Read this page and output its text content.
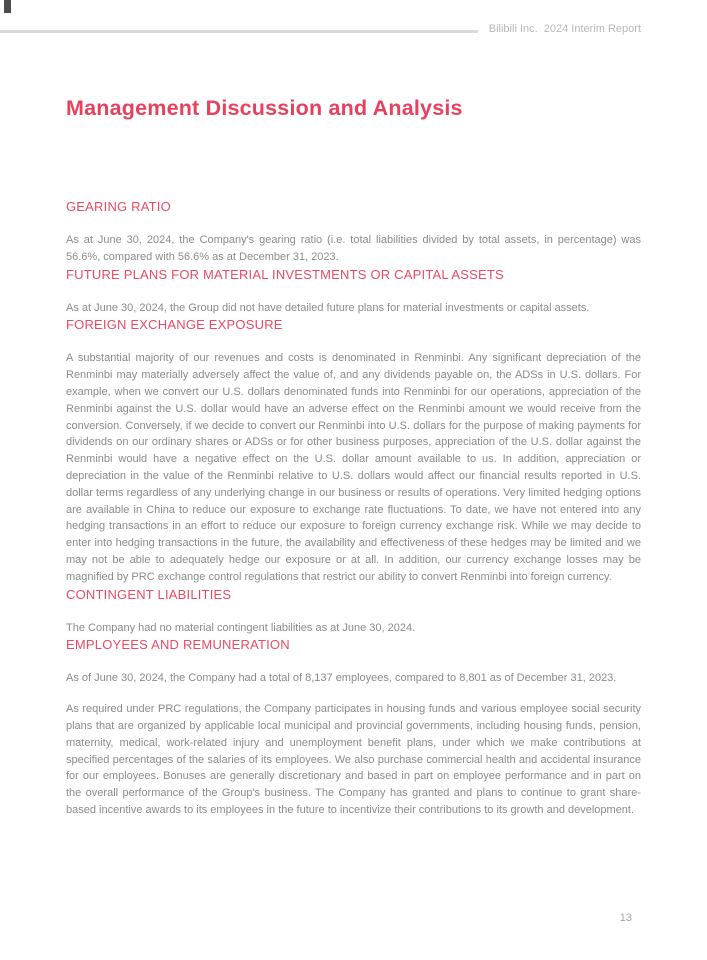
Bilibili Inc.  2024 Interim Report
Management Discussion and Analysis
GEARING RATIO

As at June 30, 2024, the Company's gearing ratio (i.e. total liabilities divided by total assets, in percentage) was 56.6%, compared with 56.6% as at December 31, 2023.

FUTURE PLANS FOR MATERIAL INVESTMENTS OR CAPITAL ASSETS

As at June 30, 2024, the Group did not have detailed future plans for material investments or capital assets.

FOREIGN EXCHANGE EXPOSURE

A substantial majority of our revenues and costs is denominated in Renminbi. Any significant depreciation of the Renminbi may materially adversely affect the value of, and any dividends payable on, the ADSs in U.S. dollars. For example, when we convert our U.S. dollars denominated funds into Renminbi for our operations, appreciation of the Renminbi against the U.S. dollar would have an adverse effect on the Renminbi amount we would receive from the conversion. Conversely, if we decide to convert our Renminbi into U.S. dollars for the purpose of making payments for dividends on our ordinary shares or ADSs or for other business purposes, appreciation of the U.S. dollar against the Renminbi would have a negative effect on the U.S. dollar amount available to us. In addition, appreciation or depreciation in the value of the Renminbi relative to U.S. dollars would affect our financial results reported in U.S. dollar terms regardless of any underlying change in our business or results of operations. Very limited hedging options are available in China to reduce our exposure to exchange rate fluctuations. To date, we have not entered into any hedging transactions in an effort to reduce our exposure to foreign currency exchange risk. While we may decide to enter into hedging transactions in the future, the availability and effectiveness of these hedges may be limited and we may not be able to adequately hedge our exposure or at all. In addition, our currency exchange losses may be magnified by PRC exchange control regulations that restrict our ability to convert Renminbi into foreign currency.

CONTINGENT LIABILITIES

The Company had no material contingent liabilities as at June 30, 2024.

EMPLOYEES AND REMUNERATION

As of June 30, 2024, the Company had a total of 8,137 employees, compared to 8,801 as of December 31, 2023.

As required under PRC regulations, the Company participates in housing funds and various employee social security plans that are organized by applicable local municipal and provincial governments, including housing funds, pension, maternity, medical, work-related injury and unemployment benefit plans, under which we make contributions at specified percentages of the salaries of its employees. We also purchase commercial health and accidental insurance for our employees. Bonuses are generally discretionary and based in part on employee performance and in part on the overall performance of the Group's business. The Company has granted and plans to continue to grant share-based incentive awards to its employees in the future to incentivize their contributions to its growth and development.

13
